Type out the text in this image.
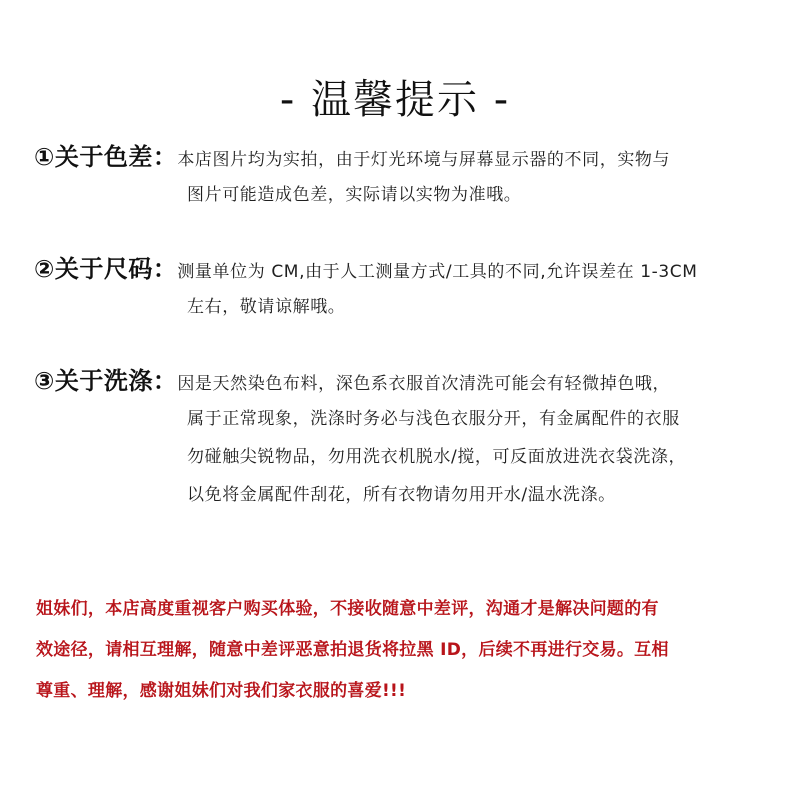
- 温馨提示 -
①关于色差：本店图片均为实拍，由于灯光环境与屏幕显示器的不同，实物与
图片可能造成色差，实际请以实物为准哦。
②关于尺码：测量单位为 CM,由于人工测量方式/工具的不同,允许误差在 1-3CM
左右，敬请谅解哦。
③关于洗涤：因是天然染色布料，深色系衣服首次清洗可能会有轻微掉色哦，
属于正常现象，洗涤时务必与浅色衣服分开，有金属配件的衣服
勿碰触尖锐物品，勿用洗衣机脱水/搅，可反面放进洗衣袋洗涤，
以免将金属配件刮花，所有衣物请勿用开水/温水洗涤。
姐妹们，本店高度重视客户购买体验，不接收随意中差评，沟通才是解决问题的有
效途径，请相互理解，随意中差评恶意拍退货将拉黑 ID，后续不再进行交易。互相
尊重、理解，感谢姐妹们对我们家衣服的喜爱!!!
